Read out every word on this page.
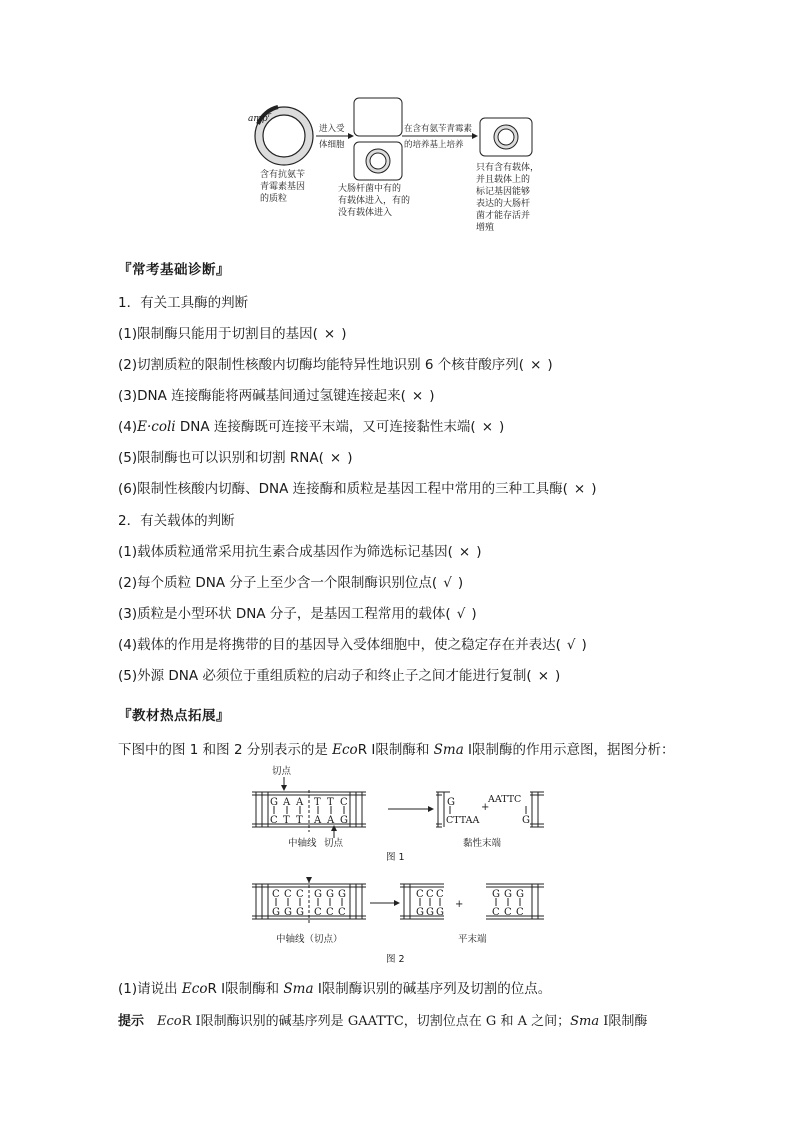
amp$^r$
含有抗氨苄
青霉素基因
的质粒
进入受
体细胞
大肠杆菌中有的
有载体进入，有的
没有载体进入
在含有氨苄青霉素
的培养基上培养
只有含有载体，
并且载体上的
标记基因能够
表达的大肠杆
菌才能存活并
增殖
『常考基础诊断』
1．有关工具酶的判断
(1)限制酶只能用于切割目的基因( × )
(2)切割质粒的限制性核酸内切酶均能特异性地识别 6 个核苷酸序列( × )
(3)DNA 连接酶能将两碱基间通过氢键连接起来( × )
(4)E·coli DNA 连接酶既可连接平末端，又可连接黏性末端( × )
(5)限制酶也可以识别和切割 RNA( × )
(6)限制性核酸内切酶、DNA 连接酶和质粒是基因工程中常用的三种工具酶( × )
2．有关载体的判断
(1)载体质粒通常采用抗生素合成基因作为筛选标记基因( × )
(2)每个质粒 DNA 分子上至少含一个限制酶识别位点( √ )
(3)质粒是小型环状 DNA 分子，是基因工程常用的载体( √ )
(4)载体的作用是将携带的目的基因导入受体细胞中，使之稳定存在并表达( √ )
(5)外源 DNA 必须位于重组质粒的启动子和终止子之间才能进行复制( × )
『教材热点拓展』
下图中的图 1 和图 2 分别表示的是 EcoR Ⅰ限制酶和 Sma Ⅰ限制酶的作用示意图，据图分析：
切点
G A A T T C
C T T A A G
中轴线 切点
G
CTTAA
+
AATTC
G
黏性末端
图 1
C C C G G G
G G G C C C
中轴线（切点）
C C C
G G G
+
G G G
C C C
平末端
图 2
(1)请说出 EcoR Ⅰ限制酶和 Sma Ⅰ限制酶识别的碱基序列及切割的位点。
提示　EcoR Ⅰ限制酶识别的碱基序列是 GAATTC，切割位点在 G 和 A 之间；Sma Ⅰ限制酶
